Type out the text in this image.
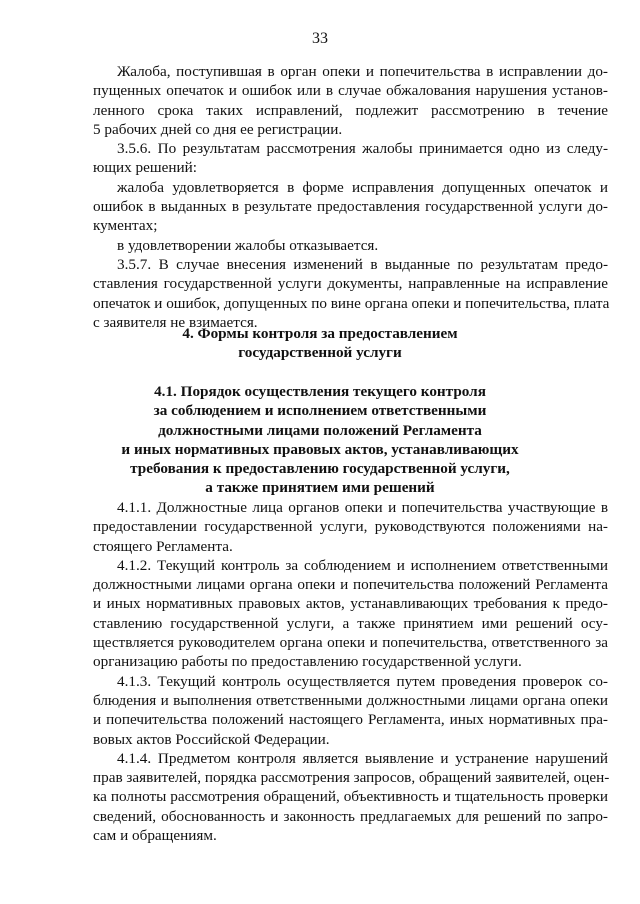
33
Жалоба, поступившая в орган опеки и попечительства в исправлении до-
пущенных опечаток и ошибок или в случае обжалования нарушения установ-
ленного срока таких исправлений, подлежит рассмотрению в течение
5 рабочих дней со дня ее регистрации.
3.5.6. По результатам рассмотрения жалобы принимается одно из следу-
ющих решений:
жалоба удовлетворяется в форме исправления допущенных опечаток и
ошибок в выданных в результате предоставления государственной услуги до-
кументах;
в удовлетворении жалобы отказывается.
3.5.7. В случае внесения изменений в выданные по результатам предо-
ставления государственной услуги документы, направленные на исправление
опечаток и ошибок, допущенных по вине органа опеки и попечительства, плата
с заявителя не взимается.
4. Формы контроля за предоставлением
государственной услуги
4.1. Порядок осуществления текущего контроля
за соблюдением и исполнением ответственными
должностными лицами положений Регламента
и иных нормативных правовых актов, устанавливающих
требования к предоставлению государственной услуги,
а также принятием ими решений
4.1.1. Должностные лица органов опеки и попечительства участвующие в
предоставлении государственной услуги, руководствуются положениями на-
стоящего Регламента.
4.1.2. Текущий контроль за соблюдением и исполнением ответственными
должностными лицами органа опеки и попечительства положений Регламента
и иных нормативных правовых актов, устанавливающих требования к предо-
ставлению государственной услуги, а также принятием ими решений осу-
ществляется руководителем органа опеки и попечительства, ответственного за
организацию работы по предоставлению государственной услуги.
4.1.3. Текущий контроль осуществляется путем проведения проверок со-
блюдения и выполнения ответственными должностными лицами органа опеки
и попечительства положений настоящего Регламента, иных нормативных пра-
вовых актов Российской Федерации.
4.1.4. Предметом контроля является выявление и устранение нарушений
прав заявителей, порядка рассмотрения запросов, обращений заявителей, оцен-
ка полноты рассмотрения обращений, объективность и тщательность проверки
сведений, обоснованность и законность предлагаемых для решений по запро-
сам и обращениям.
